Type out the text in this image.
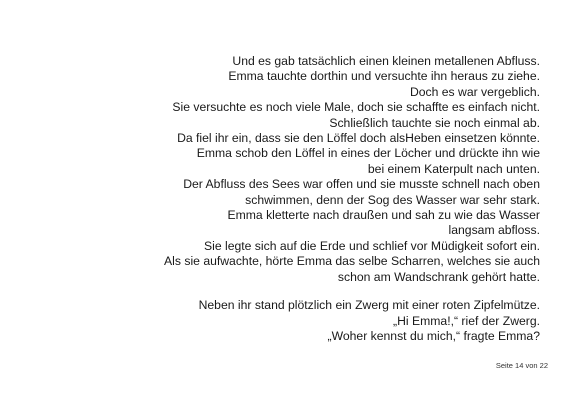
Und es gab tatsächlich einen kleinen metallenen Abfluss.
Emma tauchte dorthin und versuchte ihn heraus zu ziehe.
Doch es war vergeblich.
Sie versuchte es noch viele Male, doch sie schaffte es einfach nicht.
Schließlich tauchte sie noch einmal ab.
Da fiel ihr ein, dass sie den Löffel doch alsHeben einsetzen könnte.
Emma schob den Löffel in eines der Löcher und drückte ihn wie
bei einem Katerpult nach unten.
Der Abfluss des Sees war offen und sie musste schnell nach oben
schwimmen, denn der Sog des Wasser war sehr stark.
Emma kletterte nach draußen und sah zu wie das Wasser
langsam abfloss.
Sie legte sich auf die Erde und schlief vor Müdigkeit sofort ein.
Als sie aufwachte, hörte Emma das selbe Scharren, welches sie auch
schon am Wandschrank gehört hatte.

Neben ihr stand plötzlich ein Zwerg mit einer roten Zipfelmütze.
„Hi Emma!,“ rief der Zwerg.
„Woher kennst du mich,“ fragte Emma?

Seite 14 von 22
